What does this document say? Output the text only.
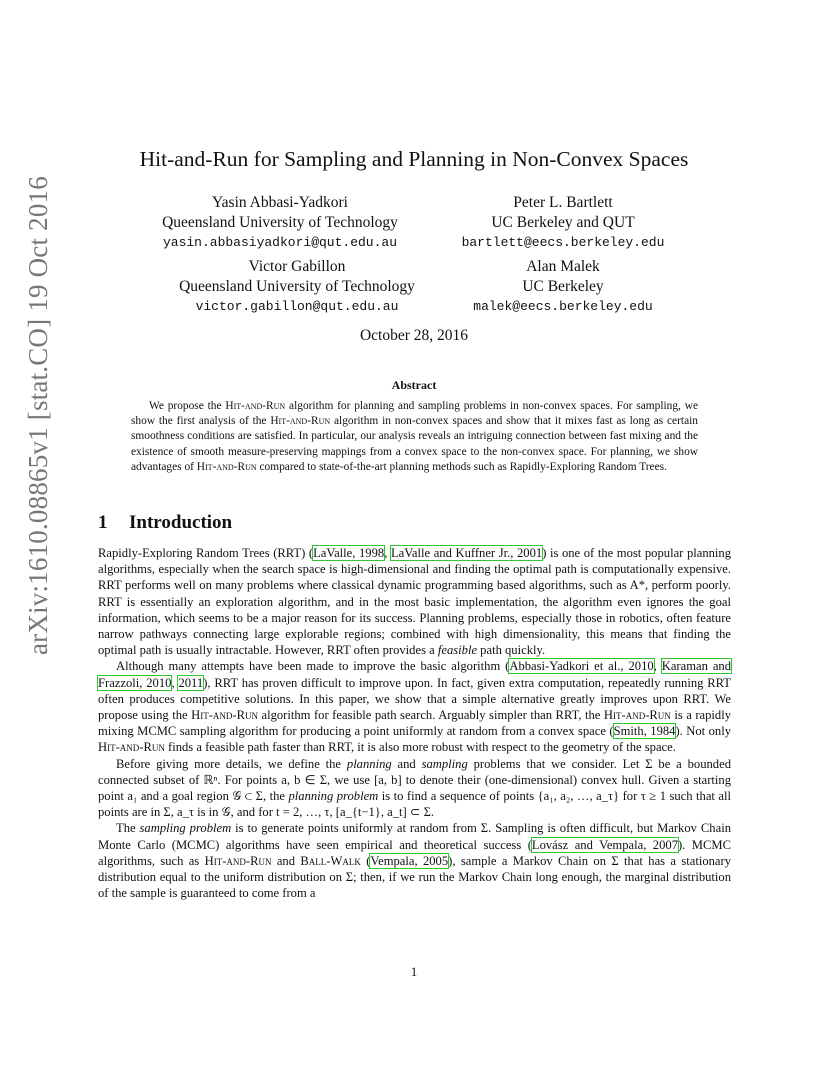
arXiv:1610.08865v1 [stat.CO] 19 Oct 2016
Hit-and-Run for Sampling and Planning in Non-Convex Spaces
Yasin Abbasi-Yadkori
Queensland University of Technology
yasin.abbasiyadkori@qut.edu.au
Peter L. Bartlett
UC Berkeley and QUT
bartlett@eecs.berkeley.edu
Victor Gabillon
Queensland University of Technology
victor.gabillon@qut.edu.au
Alan Malek
UC Berkeley
malek@eecs.berkeley.edu
October 28, 2016
Abstract

We propose the Hit-and-Run algorithm for planning and sampling problems in non-convex spaces. For sampling, we show the first analysis of the Hit-and-Run algorithm in non-convex spaces and show that it mixes fast as long as certain smoothness conditions are satisfied. In particular, our analysis reveals an intriguing connection between fast mixing and the existence of smooth measure-preserving mappings from a convex space to the non-convex space. For planning, we show advantages of Hit-and-Run compared to state-of-the-art planning methods such as Rapidly-Exploring Random Trees.

1 Introduction

Rapidly-Exploring Random Trees (RRT) (LaValle, 1998, LaValle and Kuffner Jr., 2001) is one of the most popular planning algorithms, especially when the search space is high-dimensional and finding the optimal path is computationally expensive. RRT performs well on many problems where classical dynamic programming based algorithms, such as A*, perform poorly. RRT is essentially an exploration algorithm, and in the most basic implementation, the algorithm even ignores the goal information, which seems to be a major reason for its success. Planning problems, especially those in robotics, often feature narrow pathways connecting large explorable regions; combined with high dimensionality, this means that finding the optimal path is usually intractable. However, RRT often provides a feasible path quickly.

Although many attempts have been made to improve the basic algorithm (Abbasi-Yadkori et al., 2010, Karaman and Frazzoli, 2010, 2011), RRT has proven difficult to improve upon. In fact, given extra computation, repeatedly running RRT often produces competitive solutions. In this paper, we show that a simple alternative greatly improves upon RRT. We propose using the Hit-and-Run algorithm for feasible path search. Arguably simpler than RRT, the Hit-and-Run is a rapidly mixing MCMC sampling algorithm for producing a point uniformly at random from a convex space (Smith, 1984). Not only Hit-and-Run finds a feasible path faster than RRT, it is also more robust with respect to the geometry of the space.

Before giving more details, we define the planning and sampling problems that we consider. Let Σ be a bounded connected subset of ℝⁿ. For points a, b ∈ Σ, we use [a, b] to denote their (one-dimensional) convex hull. Given a starting point a₁ and a goal region 𝒢 ⊂ Σ, the planning problem is to find a sequence of points {a₁, a₂, …, a_τ} for τ ≥ 1 such that all points are in Σ, a_τ is in 𝒢, and for t = 2, …, τ, [a_{t−1}, a_t] ⊂ Σ.

The sampling problem is to generate points uniformly at random from Σ. Sampling is often difficult, but Markov Chain Monte Carlo (MCMC) algorithms have seen empirical and theoretical success (Lovász and Vempala, 2007). MCMC algorithms, such as Hit-and-Run and Ball-Walk (Vempala, 2005), sample a Markov Chain on Σ that has a stationary distribution equal to the uniform distribution on Σ; then, if we run the Markov Chain long enough, the marginal distribution of the sample is guaranteed to come from a

1
